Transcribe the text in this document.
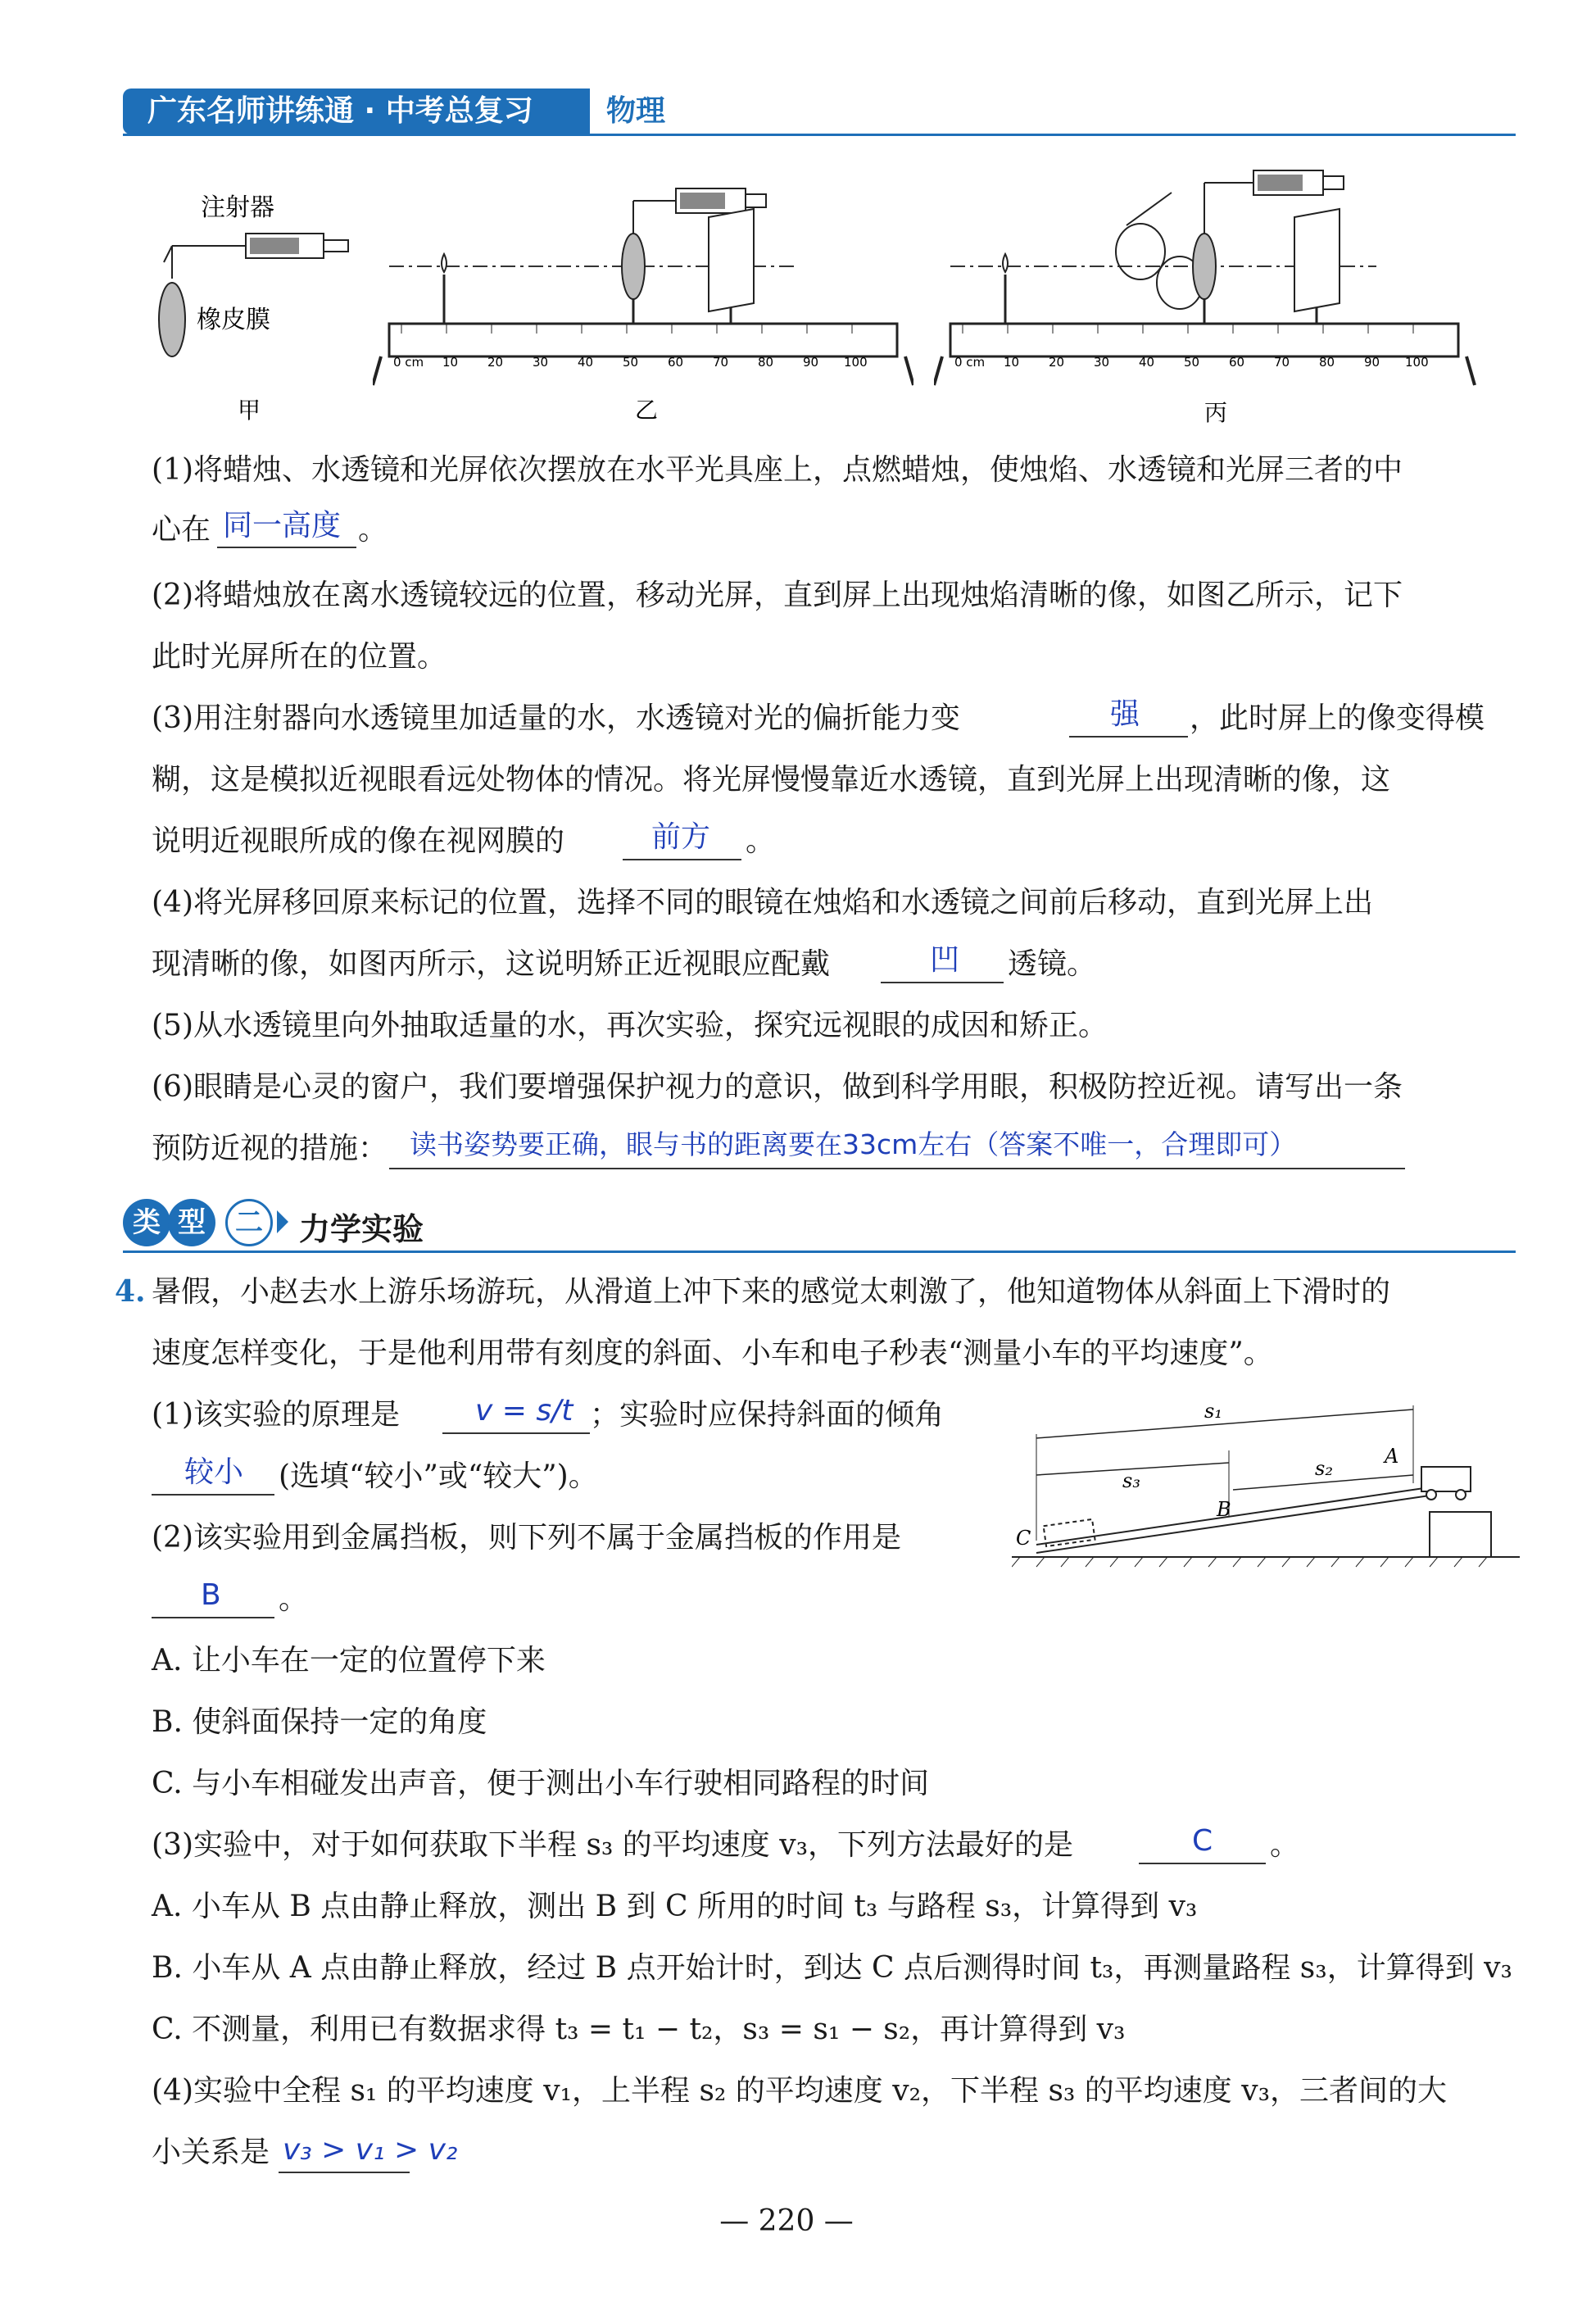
广东名师讲练通 · 中考总复习	物理
注射器
橡皮膜
甲
0 cm 10 20 30 40 50 60 70 80 90 100
乙
0 cm 10 20 30 40 50 60 70 80 90 100
丙
(1)将蜡烛、水透镜和光屏依次摆放在水平光具座上，点燃蜡烛，使烛焰、水透镜和光屏三者的中
心在 同一高度 。
(2)将蜡烛放在离水透镜较远的位置，移动光屏，直到屏上出现烛焰清晰的像，如图乙所示，记下
此时光屏所在的位置。
(3)用注射器向水透镜里加适量的水，水透镜对光的偏折能力变	强 ，此时屏上的像变得模
糊，这是模拟近视眼看远处物体的情况。将光屏慢慢靠近水透镜，直到光屏上出现清晰的像，这
说明近视眼所成的像在视网膜的	前方 。
(4)将光屏移回原来标记的位置，选择不同的眼镜在烛焰和水透镜之间前后移动，直到光屏上出
现清晰的像，如图丙所示，这说明矫正近视眼应配戴	凹 透镜。
(5)从水透镜里向外抽取适量的水，再次实验，探究远视眼的成因和矫正。
(6)眼睛是心灵的窗户，我们要增强保护视力的意识，做到科学用眼，积极防控近视。请写出一条
预防近视的措施： 读书姿势要正确，眼与书的距离要在33cm左右（答案不唯一，合理即可）
类 型	二	力学实验
4. 暑假，小赵去水上游乐场游玩，从滑道上冲下来的感觉太刺激了，他知道物体从斜面上下滑时的
速度怎样变化，于是他利用带有刻度的斜面、小车和电子秒表“测量小车的平均速度”。
(1)该实验的原理是	v = s/t ；实验时应保持斜面的倾角
较小 (选填“较小”或“较大”)。
(2)该实验用到金属挡板，则下列不属于金属挡板的作用是
B 。
A. 让小车在一定的位置停下来
B. 使斜面保持一定的角度
C. 与小车相碰发出声音，便于测出小车行驶相同路程的时间
(3)实验中，对于如何获取下半程 s₃ 的平均速度 v₃，下列方法最好的是	C 。
A. 小车从 B 点由静止释放，测出 B 到 C 所用的时间 t₃ 与路程 s₃，计算得到 v₃
B. 小车从 A 点由静止释放，经过 B 点开始计时，到达 C 点后测得时间 t₃，再测量路程 s₃，计算得到 v₃
C. 不测量，利用已有数据求得 t₃ = t₁ − t₂，s₃ = s₁ − s₂，再计算得到 v₃
(4)实验中全程 s₁ 的平均速度 v₁，上半程 s₂ 的平均速度 v₂，下半程 s₃ 的平均速度 v₃，三者间的大
小关系是 v₃ > v₁ > v₂
s₁
s₃
s₂
A
B
C
— 220 —
